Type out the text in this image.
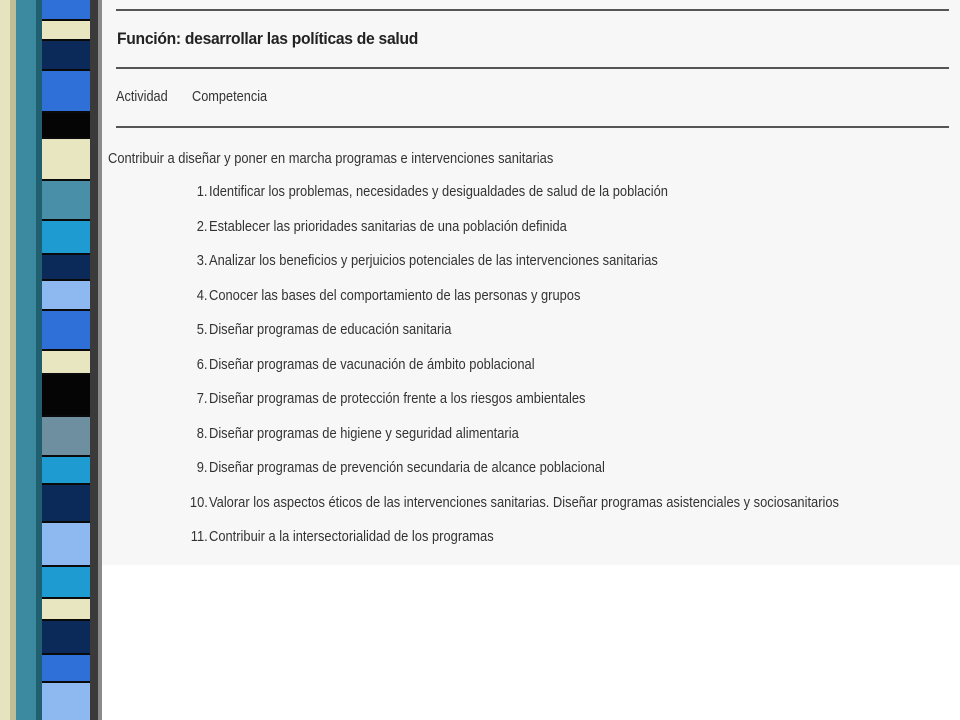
Función: desarrollar las políticas de salud
Actividad Competencia
Contribuir a diseñar y poner en marcha programas e intervenciones sanitarias
1. Identificar los problemas, necesidades y desigualdades de salud de la población
2. Establecer las prioridades sanitarias de una población definida
3. Analizar los beneficios y perjuicios potenciales de las intervenciones sanitarias
4. Conocer las bases del comportamiento de las personas y grupos
5. Diseñar programas de educación sanitaria
6. Diseñar programas de vacunación de ámbito poblacional
7. Diseñar programas de protección frente a los riesgos ambientales
8. Diseñar programas de higiene y seguridad alimentaria
9. Diseñar programas de prevención secundaria de alcance poblacional
10. Valorar los aspectos éticos de las intervenciones sanitarias. Diseñar programas asistenciales y sociosanitarios
11. Contribuir a la intersectorialidad de los programas
